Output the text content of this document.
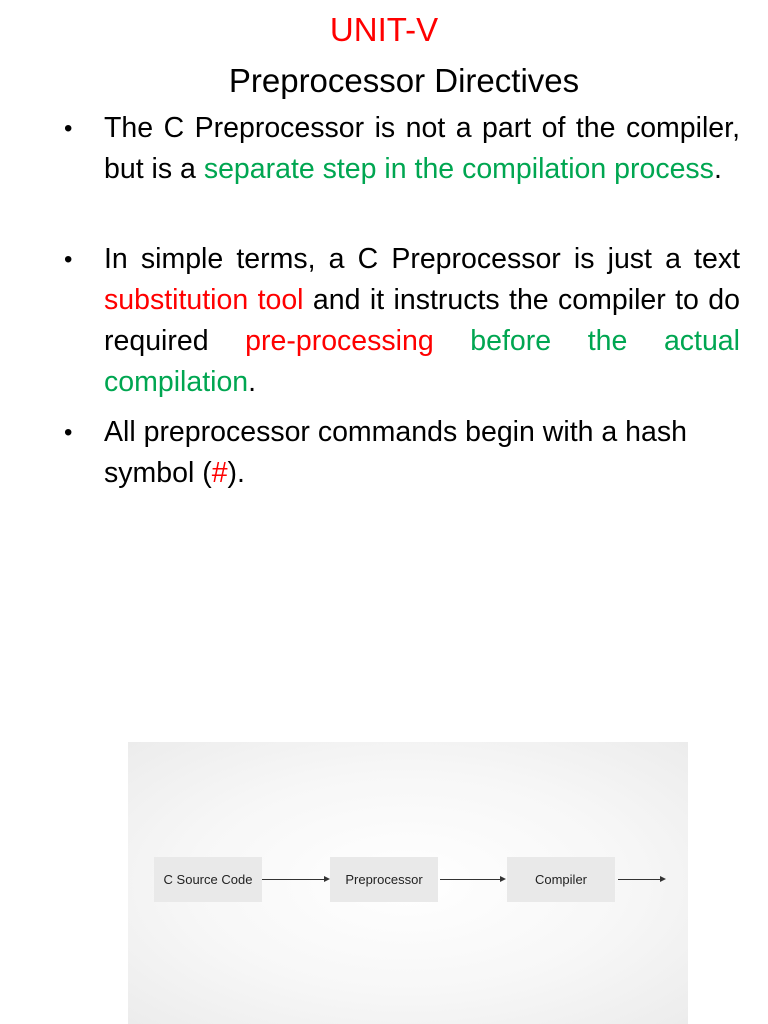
UNIT-V
Preprocessor Directives
• The C Preprocessor is not a part of the compiler, but is a separate step in the compilation process.
• In simple terms, a C Preprocessor is just a text substitution tool and it instructs the compiler to do required pre-processing before the actual compilation.
• All preprocessor commands begin with a hash symbol (#).
C Source Code	Preprocessor	Compiler
